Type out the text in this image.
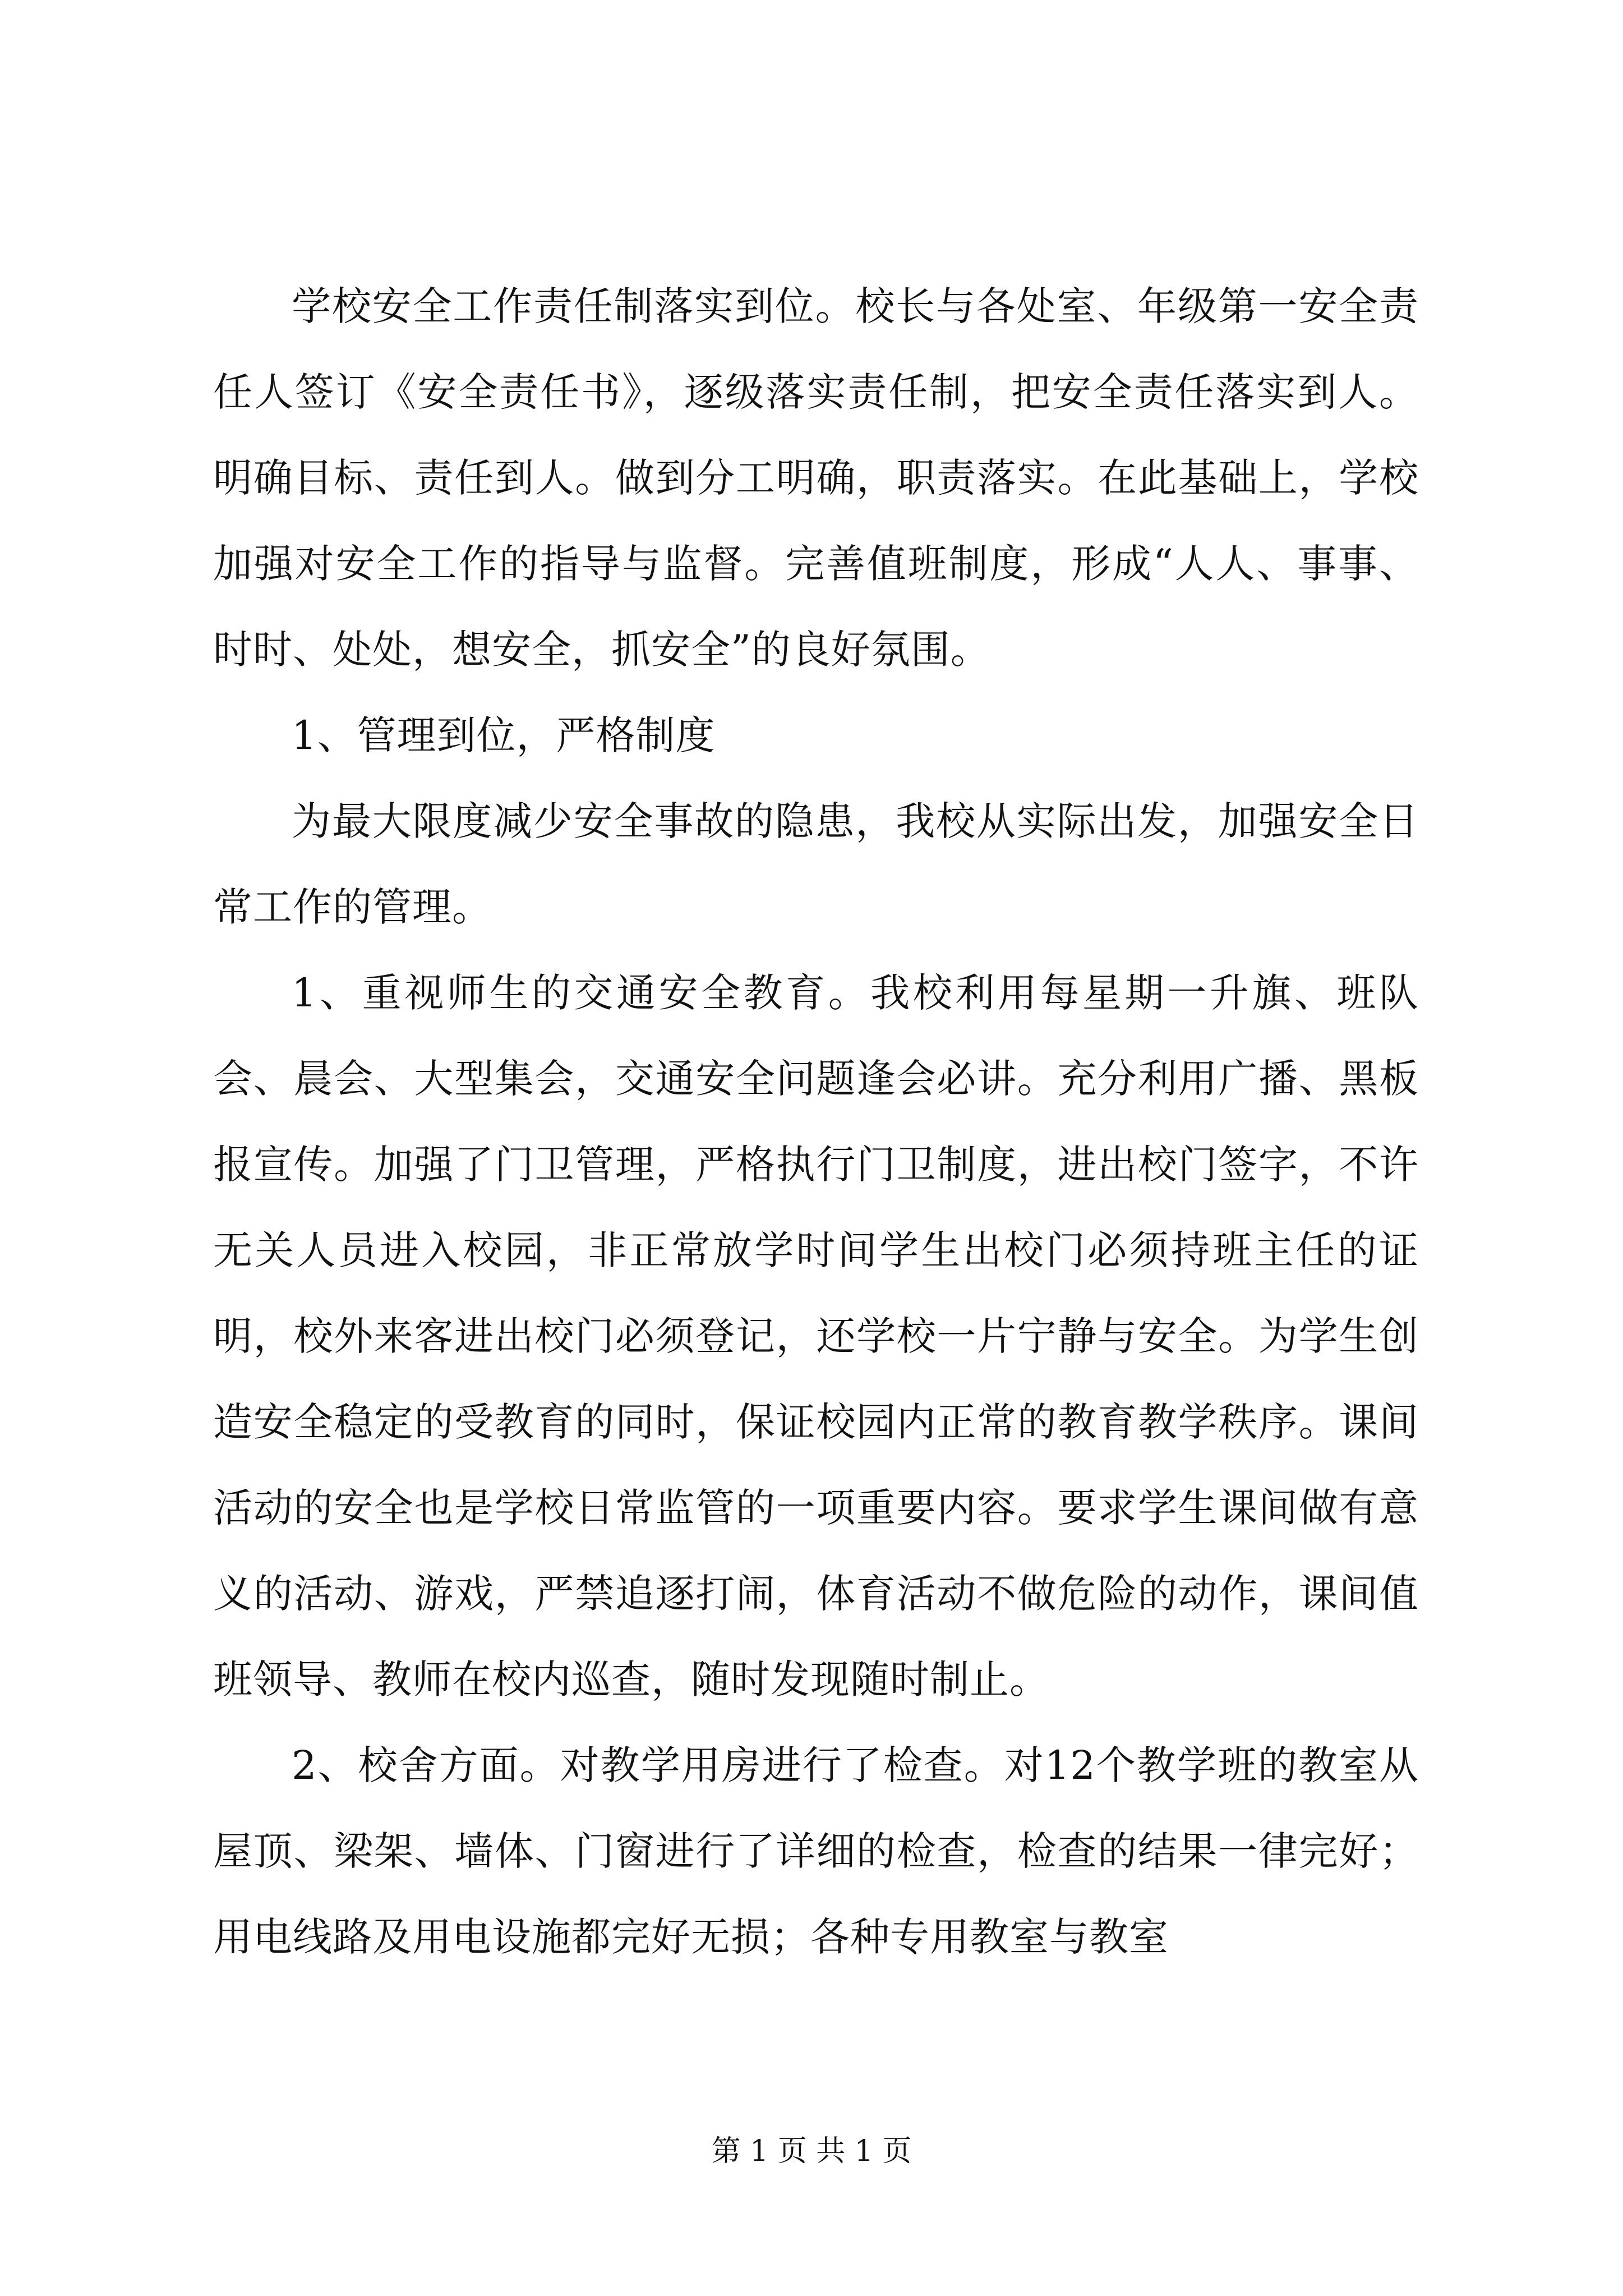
学校安全工作责任制落实到位。校长与各处室、年级第一安全责任人签订《安全责任书》，逐级落实责任制，把安全责任落实到人。明确目标、责任到人。做到分工明确，职责落实。在此基础上，学校加强对安全工作的指导与监督。完善值班制度，形成“人人、事事、时时、处处，想安全，抓安全”的良好氛围。

1、管理到位，严格制度

为最大限度减少安全事故的隐患，我校从实际出发，加强安全日常工作的管理。

1、重视师生的交通安全教育。我校利用每星期一升旗、班队会、晨会、大型集会，交通安全问题逢会必讲。充分利用广播、黑板报宣传。加强了门卫管理，严格执行门卫制度，进出校门签字，不许无关人员进入校园，非正常放学时间学生出校门必须持班主任的证明，校外来客进出校门必须登记，还学校一片宁静与安全。为学生创造安全稳定的受教育的同时，保证校园内正常的教育教学秩序。课间活动的安全也是学校日常监管的一项重要内容。要求学生课间做有意义的活动、游戏，严禁追逐打闹，体育活动不做危险的动作，课间值班领导、教师在校内巡查，随时发现随时制止。

2、校舍方面。对教学用房进行了检查。对12个教学班的教室从屋顶、梁架、墙体、门窗进行了详细的检查，检查的结果一律完好；用电线路及用电设施都完好无损；各种专用教室与教室

第 1 页 共 1 页
